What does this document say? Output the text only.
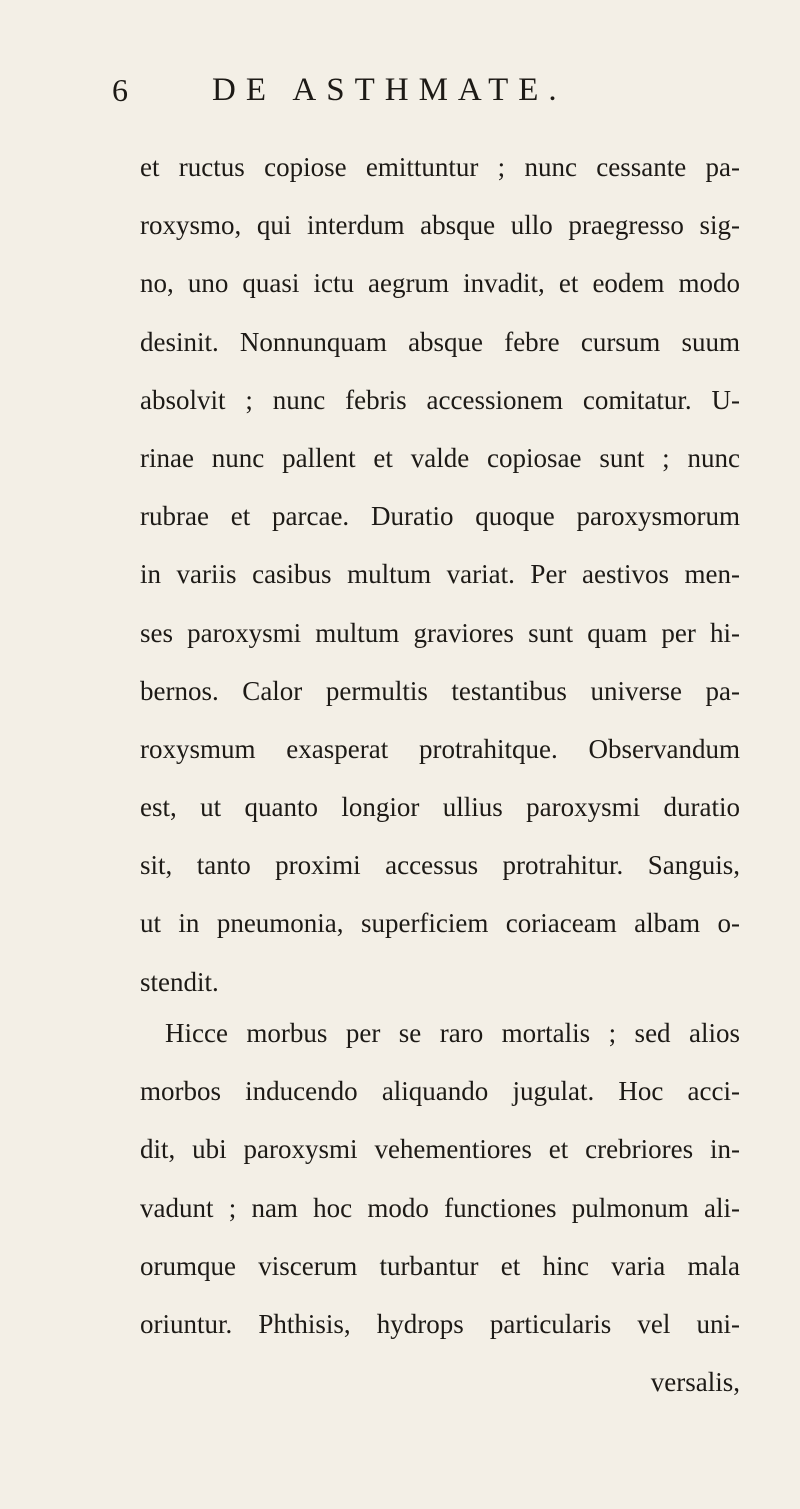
6	DE ASTHMATE.
et ructus copiose emittuntur ; nunc cessante pa-
roxysmo, qui interdum absque ullo praegresso sig-
no, uno quasi ictu aegrum invadit, et eodem modo
desinit. Nonnunquam absque febre cursum suum
absolvit ; nunc febris accessionem comitatur. U-
rinae nunc pallent et valde copiosae sunt ; nunc
rubrae et parcae. Duratio quoque paroxysmorum
in variis casibus multum variat. Per aestivos men-
ses paroxysmi multum graviores sunt quam per hi-
bernos. Calor permultis testantibus universe pa-
roxysmum exasperat protrahitque. Observandum
est, ut quanto longior ullius paroxysmi duratio
sit, tanto proximi accessus protrahitur. Sanguis,
ut in pneumonia, superficiem coriaceam albam o-
stendit.
Hicce morbus per se raro mortalis ; sed alios
morbos inducendo aliquando jugulat. Hoc acci-
dit, ubi paroxysmi vehementiores et crebriores in-
vadunt ; nam hoc modo functiones pulmonum ali-
orumque viscerum turbantur et hinc varia mala
oriuntur. Phthisis, hydrops particularis vel uni-
versalis,
